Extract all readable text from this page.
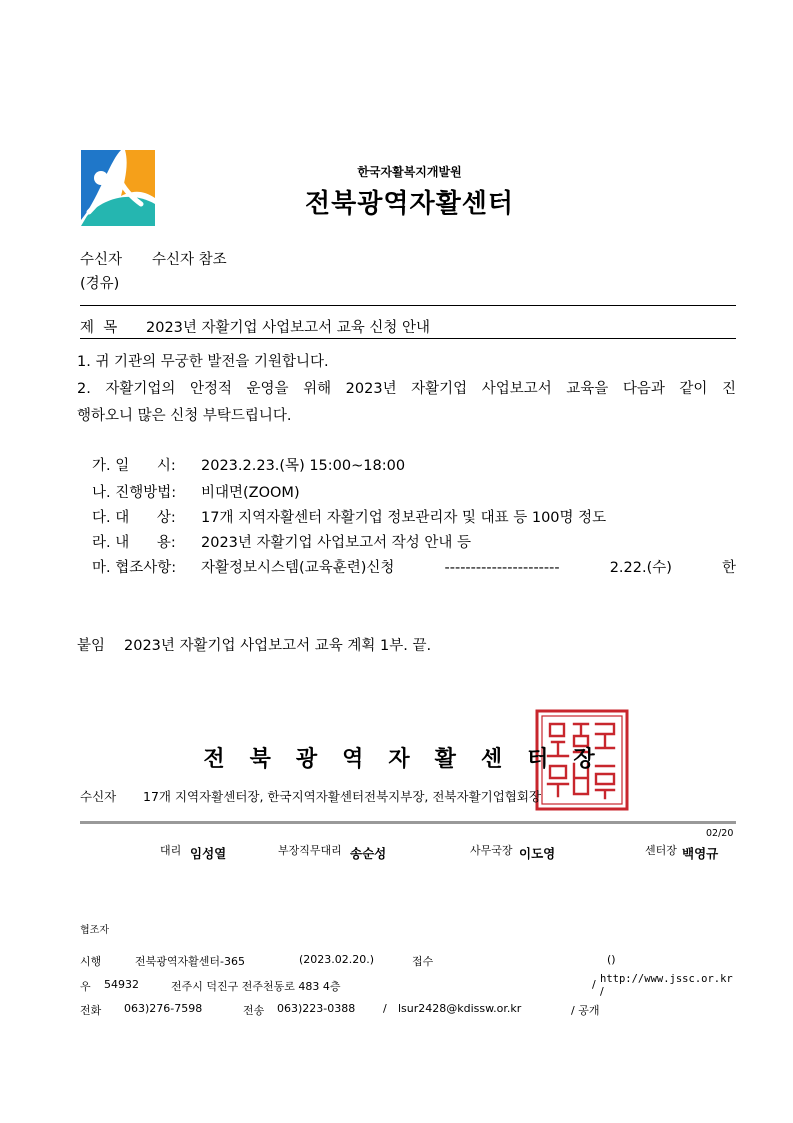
한국자활복지개발원
전북광역자활센터
수신자 수신자 참조
(경유)
제  목 2023년 자활기업 사업보고서 교육 신청 안내
1. 귀 기관의 무궁한 발전을 기원합니다.
2. 자활기업의 안정적 운영을 위해 2023년 자활기업 사업보고서 교육을 다음과 같이 진
행하오니 많은 신청 부탁드립니다.
가. 일      시: 2023.2.23.(목) 15:00~18:00
나. 진행방법: 비대면(ZOOM)
다. 대      상: 17개 지역자활센터 자활기업 정보관리자 및 대표 등 100명 정도
라. 내      용: 2023년 자활기업 사업보고서 작성 안내 등
마. 협조사항: 자활정보시스템(교육훈련)신청 ---------------------- 2.22.(수) 한
붙임 2023년 자활기업 사업보고서 교육 계획 1부. 끝.
전북광역자활센터장
수신자 17개 지역자활센터장, 한국지역자활센터전북지부장, 전북자활기업협회장
02/20
대리 임성열	부장직무대리 송순성	사무국장 이도영	센터장 백영규
협조자
시행	전북광역자활센터-365	(2023.02.20.)	접수	()
우 54932	전주시 덕진구 전주천동로 483 4층	/ http://www.jssc.or.kr
/
전화 063)276-7598	전송 063)223-0388	/ lsur2428@kdissw.or.kr	/ 공개
